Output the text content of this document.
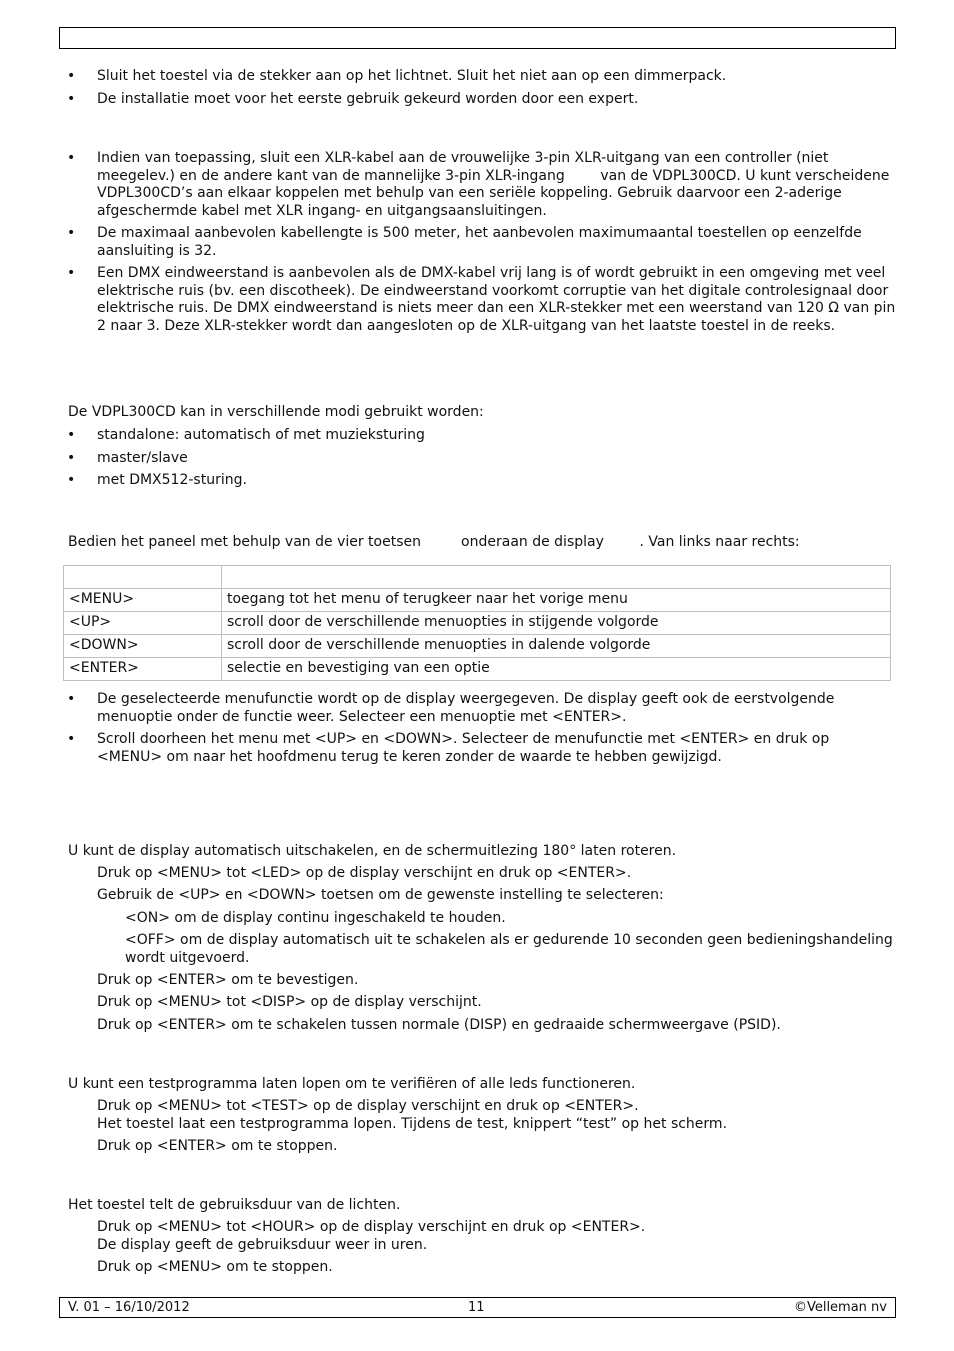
• Sluit het toestel via de stekker aan op het lichtnet. Sluit het niet aan op een dimmerpack.
• De installatie moet voor het eerste gebruik gekeurd worden door een expert.
• Indien van toepassing, sluit een XLR-kabel aan de vrouwelijke 3-pin XLR-uitgang van een controller (niet meegelev.) en de andere kant van de mannelijke 3-pin XLR-ingang        van de VDPL300CD. U kunt verscheidene VDPL300CD’s aan elkaar koppelen met behulp van een seriële koppeling. Gebruik daarvoor een 2-aderige afgeschermde kabel met XLR ingang- en uitgangsaansluitingen.
• De maximaal aanbevolen kabellengte is 500 meter, het aanbevolen maximumaantal toestellen op eenzelfde aansluiting is 32.
• Een DMX eindweerstand is aanbevolen als de DMX-kabel vrij lang is of wordt gebruikt in een omgeving met veel elektrische ruis (bv. een discotheek). De eindweerstand voorkomt corruptie van het digitale controlesignaal door elektrische ruis. De DMX eindweerstand is niets meer dan een XLR-stekker met een weerstand van 120 Ω van pin 2 naar 3. Deze XLR-stekker wordt dan aangesloten op de XLR-uitgang van het laatste toestel in de reeks.
De VDPL300CD kan in verschillende modi gebruikt worden:
• standalone: automatisch of met muzieksturing
• master/slave
• met DMX512-sturing.
Bedien het paneel met behulp van de vier toetsen         onderaan de display        . Van links naar rechts:

<MENU>	toegang tot het menu of terugkeer naar het vorige menu
<UP>	scroll door de verschillende menuopties in stijgende volgorde
<DOWN>	scroll door de verschillende menuopties in dalende volgorde
<ENTER>	selectie en bevestiging van een optie
• De geselecteerde menufunctie wordt op de display weergegeven. De display geeft ook de eerstvolgende menuoptie onder de functie weer. Selecteer een menuoptie met <ENTER>.
• Scroll doorheen het menu met <UP> en <DOWN>. Selecteer de menufunctie met <ENTER> en druk op <MENU> om naar het hoofdmenu terug te keren zonder de waarde te hebben gewijzigd.
U kunt de display automatisch uitschakelen, en de schermuitlezing 180° laten roteren.
Druk op <MENU> tot <LED> op de display verschijnt en druk op <ENTER>.
Gebruik de <UP> en <DOWN> toetsen om de gewenste instelling te selecteren:
<ON> om de display continu ingeschakeld te houden.
<OFF> om de display automatisch uit te schakelen als er gedurende 10 seconden geen bedieningshandeling wordt uitgevoerd.
Druk op <ENTER> om te bevestigen.
Druk op <MENU> tot <DISP> op de display verschijnt.
Druk op <ENTER> om te schakelen tussen normale (DISP) en gedraaide schermweergave (PSID).
U kunt een testprogramma laten lopen om te verifiëren of alle leds functioneren.
Druk op <MENU> tot <TEST> op de display verschijnt en druk op <ENTER>.
Het toestel laat een testprogramma lopen. Tijdens de test, knippert “test” op het scherm.
Druk op <ENTER> om te stoppen.
Het toestel telt de gebruiksduur van de lichten.
Druk op <MENU> tot <HOUR> op de display verschijnt en druk op <ENTER>.
De display geeft de gebruiksduur weer in uren.
Druk op <MENU> om te stoppen.
V. 01 – 16/10/2012	11	©Velleman nv
